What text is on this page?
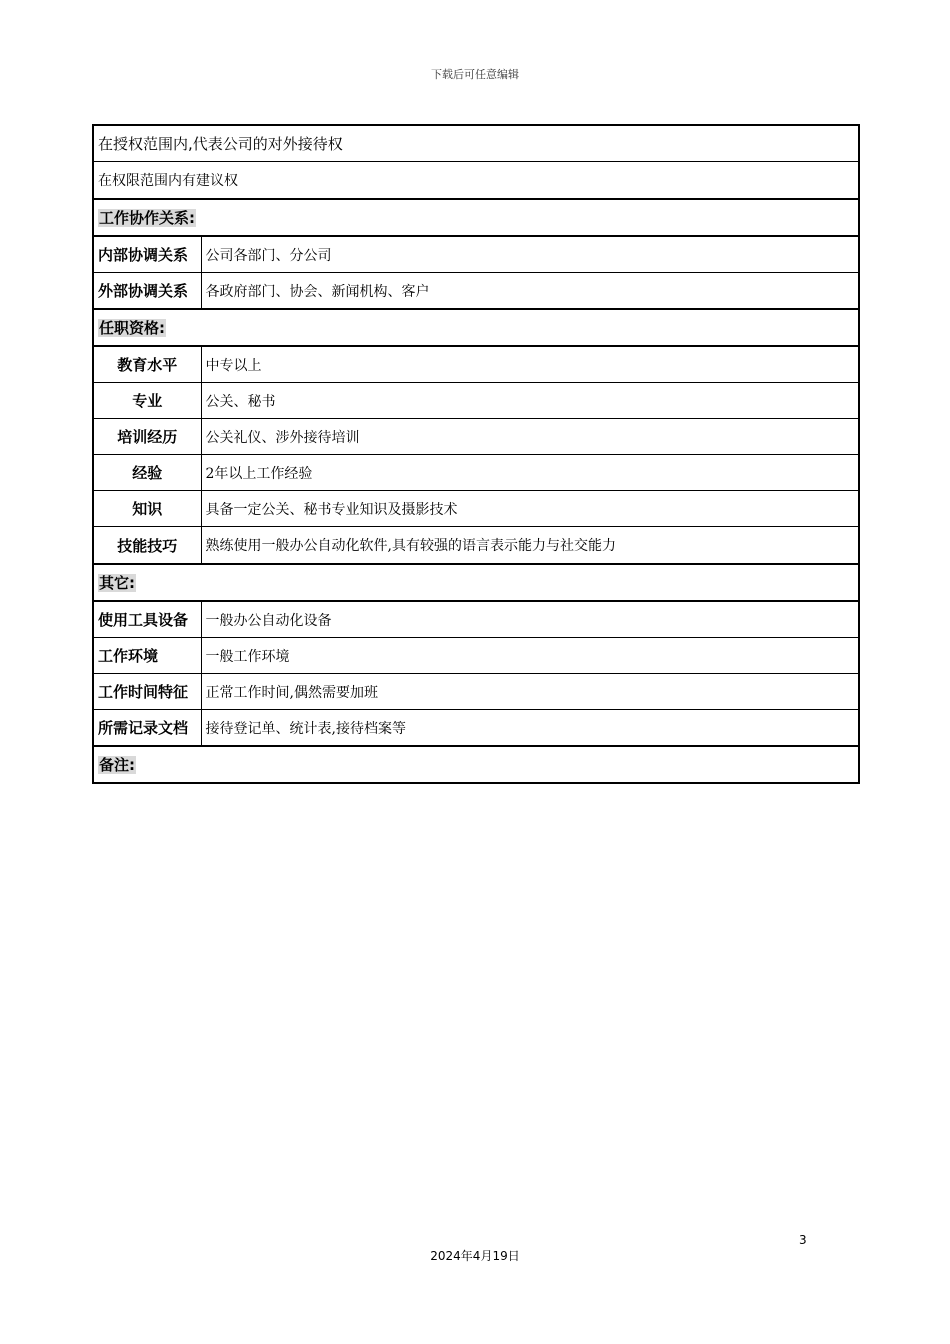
下载后可任意编辑
在授权范围内,代表公司的对外接待权	
在权限范围内有建议权	
工作协作关系:	
内部协调关系	公司各部门、分公司
外部协调关系	各政府部门、协会、新闻机构、客户
任职资格:	
教育水平	中专以上
专业	公关、秘书
培训经历	公关礼仪、涉外接待培训
经验	2年以上工作经验
知识	具备一定公关、秘书专业知识及摄影技术
技能技巧	熟练使用一般办公自动化软件,具有较强的语言表示能力与社交能力
其它:	
使用工具设备	一般办公自动化设备
工作环境	一般工作环境
工作时间特征	正常工作时间,偶然需要加班
所需记录文档	接待登记单、统计表,接待档案等
备注:	
3
2024年4月19日
